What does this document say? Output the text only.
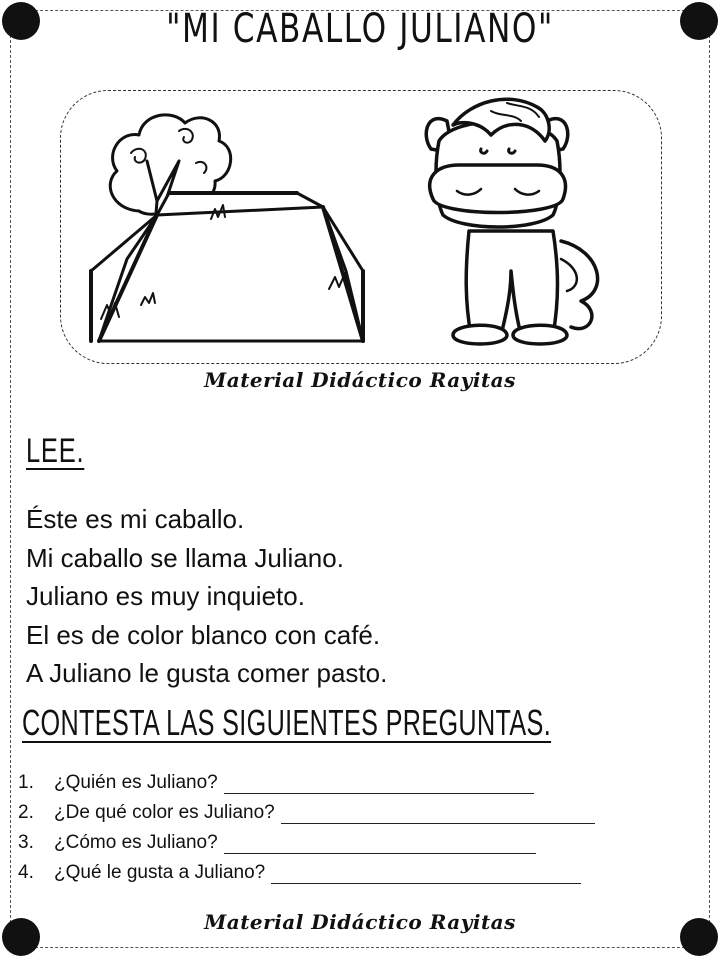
"MI CABALLO JULIANO"
Material Didáctico Rayitas
LEE.
Éste es mi caballo.
Mi caballo se llama Juliano.
Juliano es muy inquieto.
El es de color blanco con café.
A Juliano le gusta comer pasto.
CONTESTA LAS SIGUIENTES PREGUNTAS.
1.	¿Quién es Juliano?
2.	¿De qué color es Juliano?
3.	¿Cómo es Juliano?
4.	¿Qué le gusta a Juliano?
Material Didáctico Rayitas
